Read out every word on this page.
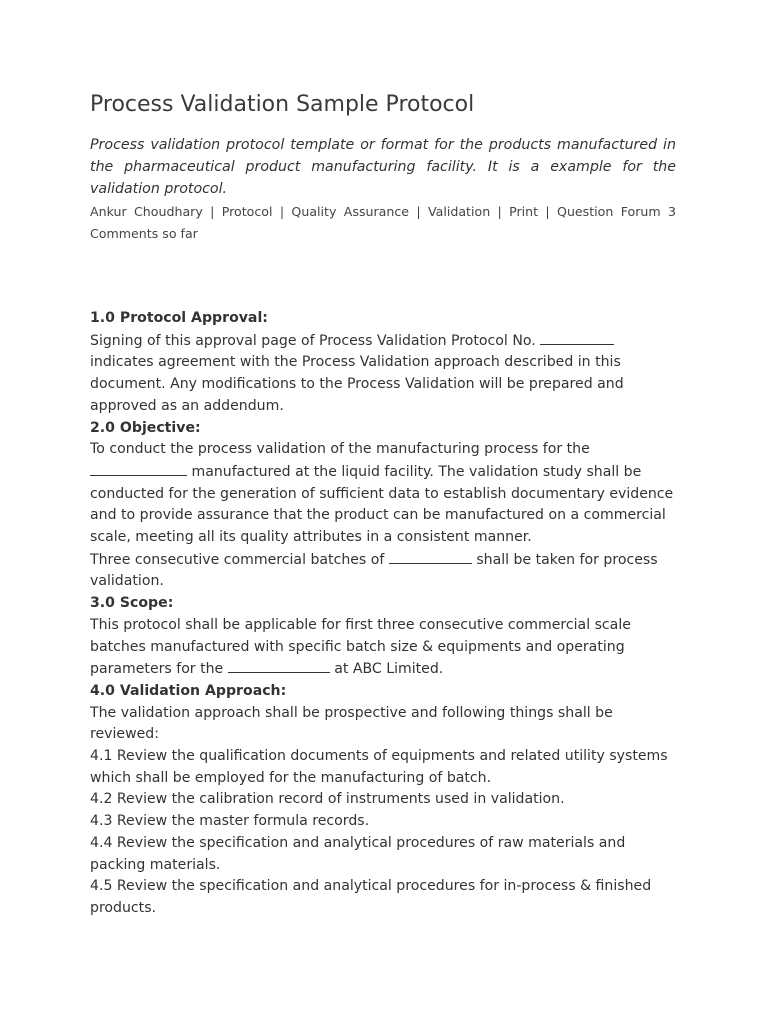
Process Validation Sample Protocol

Process validation protocol template or format for the products manufactured in the pharmaceutical product manufacturing facility. It is a example for the validation protocol.

Ankur Choudhary | Protocol | Quality Assurance | Validation | Print | Question Forum 3 Comments so far

1.0 Protocol Approval:

Signing of this approval page of Process Validation Protocol No.  indicates agreement with the Process Validation approach described in this document. Any modifications to the Process Validation will be prepared and approved as an addendum.

2.0 Objective:

To conduct the process validation of the manufacturing process for the  manufactured at the liquid facility. The validation study shall be conducted for the generation of sufficient data to establish documentary evidence and to provide assurance that the product can be manufactured on a commercial scale, meeting all its quality attributes in a consistent manner.

Three consecutive commercial batches of	shall be taken for process validation.

3.0 Scope:

This protocol shall be applicable for first three consecutive commercial scale batches manufactured with specific batch size & equipments and operating parameters for the	at ABC Limited.

4.0 Validation Approach:

The validation approach shall be prospective and following things shall be reviewed:

4.1 Review the qualification documents of equipments and related utility systems which shall be employed for the manufacturing of batch.

4.2 Review the calibration record of instruments used in validation.

4.3 Review the master formula records.

4.4 Review the specification and analytical procedures of raw materials and packing materials.

4.5 Review the specification and analytical procedures for in-process & finished products.
